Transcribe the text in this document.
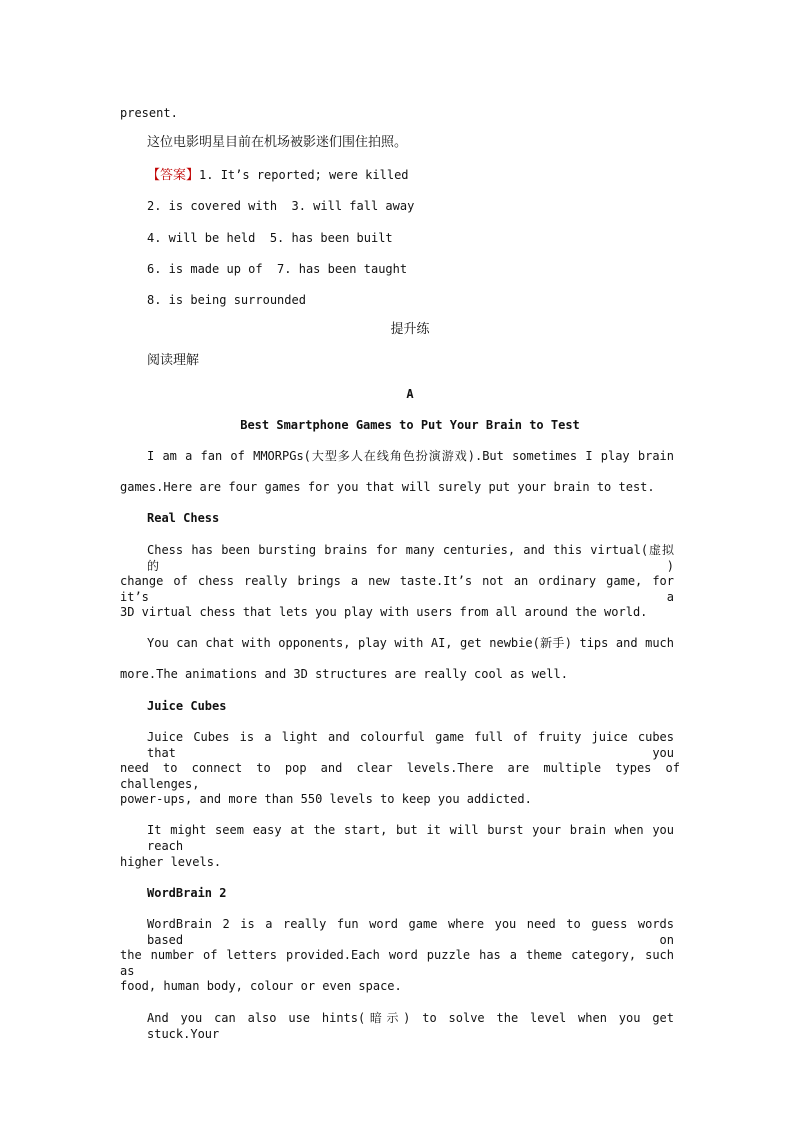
present.
这位电影明星目前在机场被影迷们围住拍照。
【答案】1. It’s reported; were killed
2. is covered with  3. will fall away
4. will be held  5. has been built
6. is made up of  7. has been taught
8. is being surrounded
提升练
阅读理解
A
Best Smartphone Games to Put Your Brain to Test
I am a fan of MMORPGs(大型多人在线角色扮演游戏).But sometimes I play brain
games.Here are four games for you that will surely put your brain to test.
Real Chess
Chess has been bursting brains for many centuries, and this virtual(虚拟的)
change of chess really brings a new taste.It’s not an ordinary game, for it’s a
3D virtual chess that lets you play with users from all around the world.
You can chat with opponents, play with AI, get newbie(新手) tips and much
more.The animations and 3D structures are really cool as well.
Juice Cubes
Juice Cubes is a light and colourful game full of fruity juice cubes that you
need to connect to pop and clear levels.There are multiple types of challenges,
power-ups, and more than 550 levels to keep you addicted.
It might seem easy at the start, but it will burst your brain when you reach
higher levels.
WordBrain 2
WordBrain 2 is a really fun word game where you need to guess words based on
the number of letters provided.Each word puzzle has a theme category, such as
food, human body, colour or even space.
And you can also use hints(暗示) to solve the level when you get stuck.Your
